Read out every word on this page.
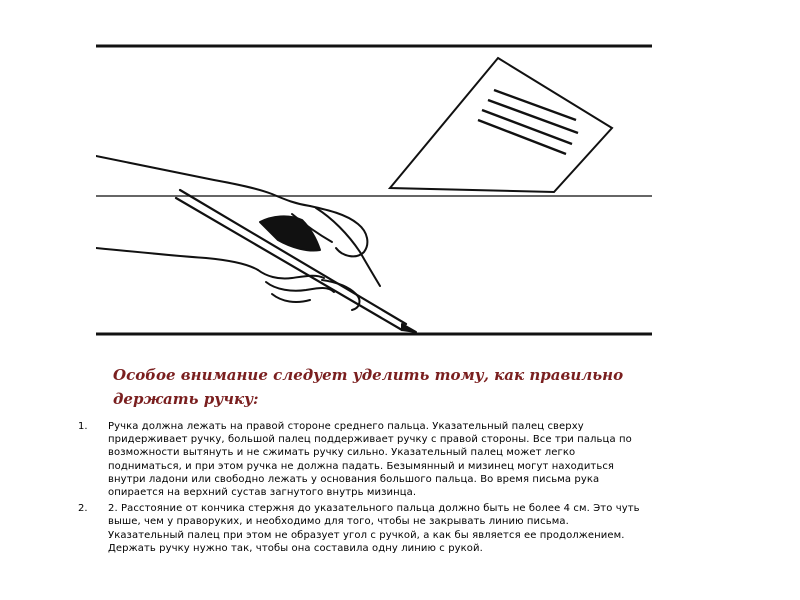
Особое внимание следует уделить тому, как правильно
держать ручку:
1. Ручка должна лежать на правой стороне среднего пальца. Указательный палец сверху
придерживает ручку, большой палец поддерживает ручку с правой стороны. Все три пальца по
возможности вытянуть и не сжимать ручку сильно. Указательный палец может легко
подниматься, и при этом ручка не должна падать. Безымянный и мизинец могут находиться
внутри ладони или свободно лежать у основания большого пальца. Во время письма рука
опирается на верхний сустав загнутого внутрь мизинца.
2. 2. Расстояние от кончика стержня до указательного пальца должно быть не более 4 см. Это чуть
выше, чем у праворуких, и необходимо для того, чтобы не закрывать линию письма.
Указательный палец при этом не образует угол с ручкой, а как бы является ее продолжением.
Держать ручку нужно так, чтобы она составила одну линию с рукой.
